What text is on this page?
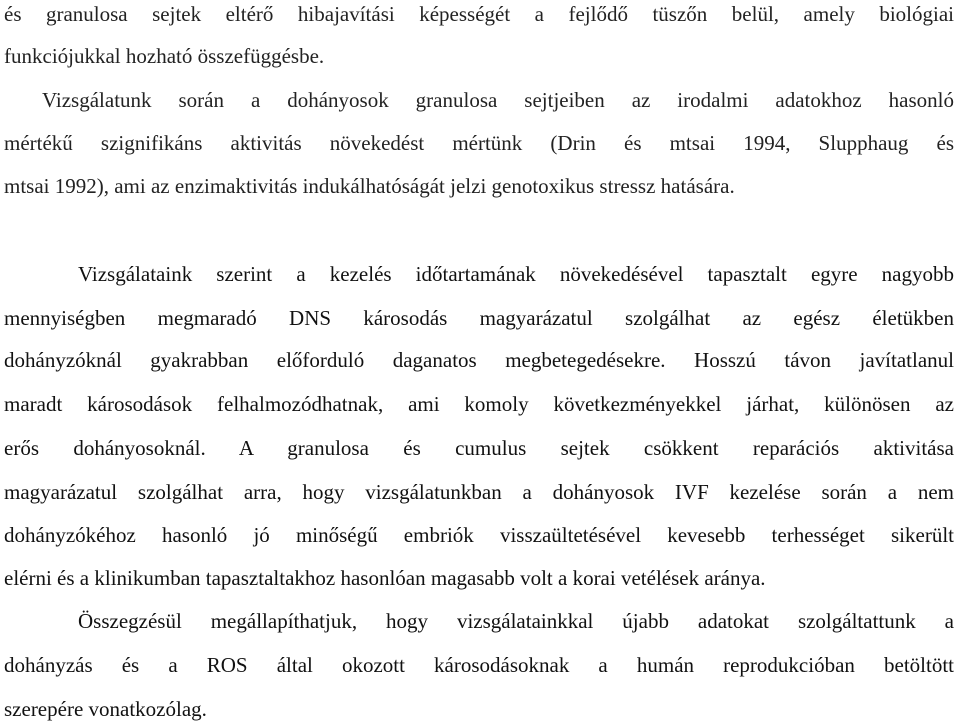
és granulosa sejtek eltérő hibajavítási képességét a fejlődő tüszőn belül, amely biológiai
funkciójukkal hozható összefüggésbe.
Vizsgálatunk során a dohányosok granulosa sejtjeiben az irodalmi adatokhoz hasonló
mértékű szignifikáns aktivitás növekedést mértünk (Drin és mtsai 1994, Slupphaug és
mtsai 1992), ami az enzimaktivitás indukálhatóságát jelzi genotoxikus stressz hatására.
Vizsgálataink szerint a kezelés időtartamának növekedésével tapasztalt egyre nagyobb
mennyiségben megmaradó DNS károsodás magyarázatul szolgálhat az egész életükben
dohányzóknál gyakrabban előforduló daganatos megbetegedésekre. Hosszú távon javítatlanul
maradt károsodások felhalmozódhatnak, ami komoly következményekkel járhat, különösen az
erős dohányosoknál. A granulosa és cumulus sejtek csökkent reparációs aktivitása
magyarázatul szolgálhat arra, hogy vizsgálatunkban a dohányosok IVF kezelése során a nem
dohányzókéhoz hasonló jó minőségű embriók visszaültetésével kevesebb terhességet sikerült
elérni és a klinikumban tapasztaltakhoz hasonlóan magasabb volt a korai vetélések aránya.
Összegzésül megállapíthatjuk, hogy vizsgálatainkkal újabb adatokat szolgáltattunk a
dohányzás és a ROS által okozott károsodásoknak a humán reprodukcióban betöltött
szerepére vonatkozólag.
